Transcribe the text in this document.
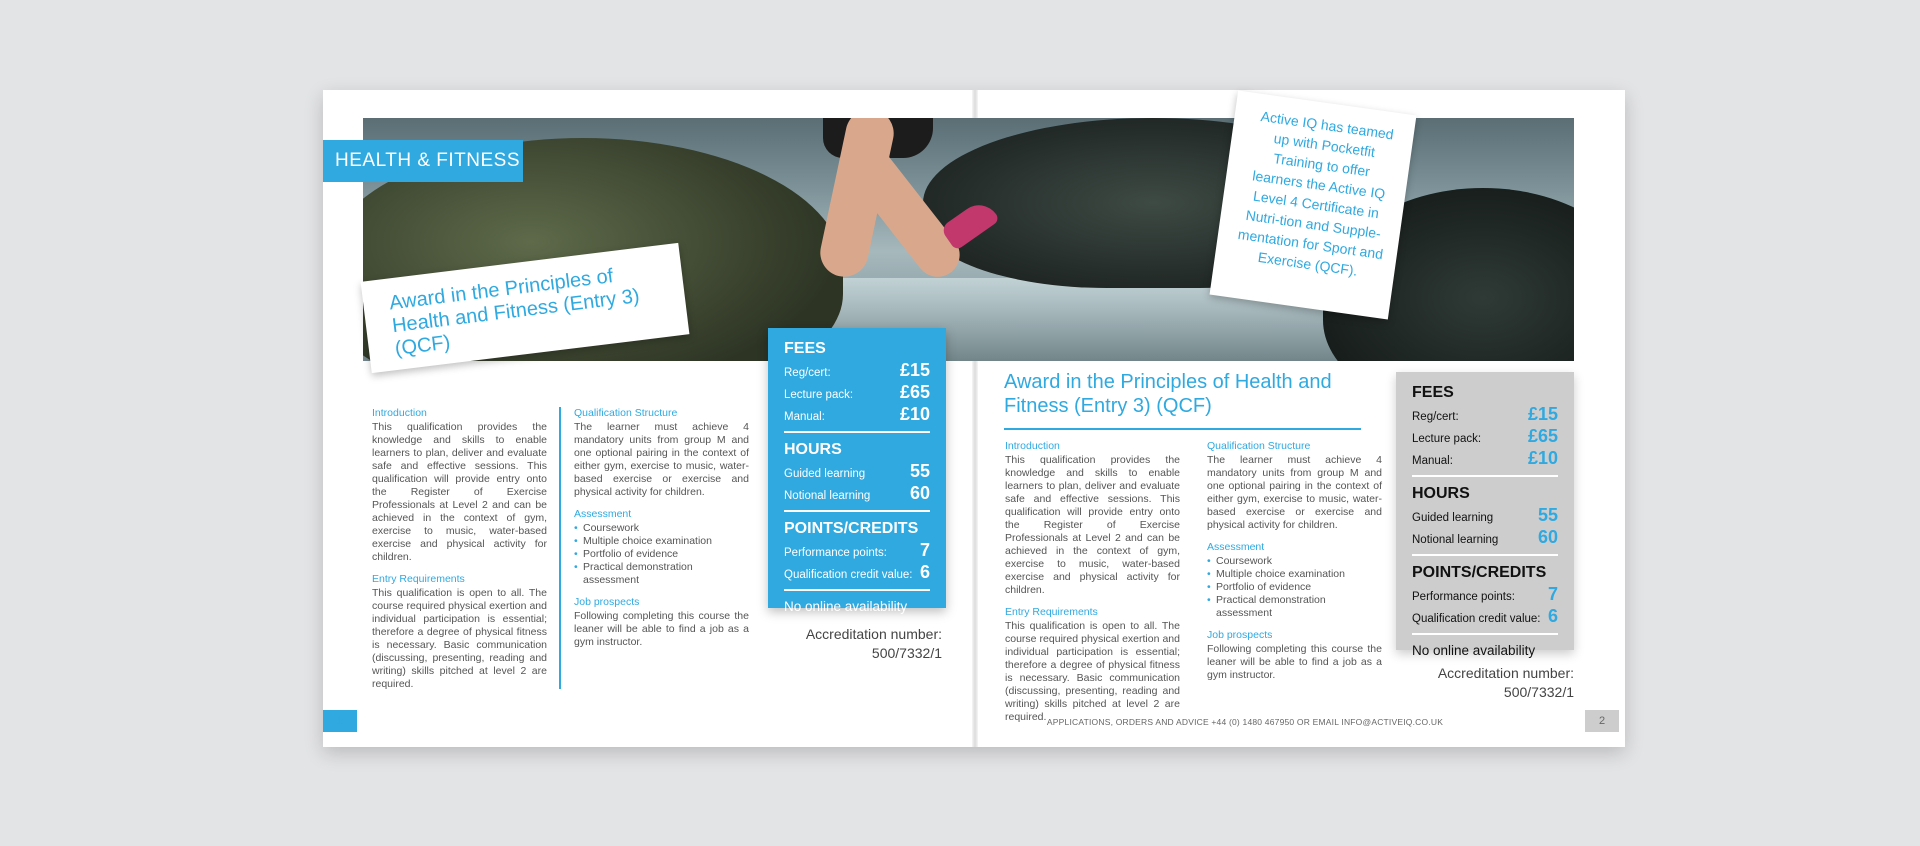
HEALTH & FITNESS
Award in the Principles of Health and Fitness (Entry 3) (QCF)
Active IQ has teamed up with Pocketfit Training to offer learners the Active IQ Level 4 Certificate in Nutri-tion and Supple-mentation for Sport and Exercise (QCF).
Introduction

This qualification provides the knowledge and skills to enable learners to plan, deliver and evaluate safe and effective sessions. This qualification will provide entry onto the Register of Exercise Professionals at Level 2 and can be achieved in the context of gym, exercise to music, water-based exercise and physical activity for children.

Entry Requirements

This qualification is open to all. The course required physical exertion and individual participation is essential; therefore a degree of physical fitness is necessary. Basic communication (discussing, presenting, reading and writing) skills pitched at level 2 are required.

Qualification Structure

The learner must achieve 4 mandatory units from group M and one optional pairing in the context of either gym, exercise to music, water-based exercise or exercise and physical activity for children.

Assessment
• Coursework
• Multiple choice examination
• Portfolio of evidence
• Practical demonstration assessment
Job prospects

Following completing this course the leaner will be able to find a job as a gym instructor.

FEES
Reg/cert:	£15
Lecture pack:	£65
Manual:	£10
HOURS
Guided learning 55
Notional learning 60
POINTS/CREDITS
Performance points: 7
Qualification credit value: 6
No online availability
Accreditation number:
500/7332/1
1
Award in the Principles of Health and Fitness (Entry 3) (QCF)
Introduction

This qualification provides the knowledge and skills to enable learners to plan, deliver and evaluate safe and effective sessions. This qualification will provide entry onto the Register of Exercise Professionals at Level 2 and can be achieved in the context of gym, exercise to music, water-based exercise and physical activity for children.

Entry Requirements

This qualification is open to all. The course required physical exertion and individual participation is essential; therefore a degree of physical fitness is necessary. Basic communication (discussing, presenting, reading and writing) skills pitched at level 2 are required.

Qualification Structure

The learner must achieve 4 mandatory units from group M and one optional pairing in the context of either gym, exercise to music, water-based exercise or exercise and physical activity for children.

Assessment
• Coursework
• Multiple choice examination
• Portfolio of evidence
• Practical demonstration assessment
Job prospects

Following completing this course the leaner will be able to find a job as a gym instructor.

FEES
Reg/cert:	£15
Lecture pack:	£65
Manual:	£10
HOURS
Guided learning 55
Notional learning 60
POINTS/CREDITS
Performance points: 7
Qualification credit value: 6
No online availability
Accreditation number:
500/7332/1
APPLICATIONS, ORDERS AND ADVICE +44 (0) 1480 467950 OR EMAIL INFO@ACTIVEIQ.CO.UK	2
